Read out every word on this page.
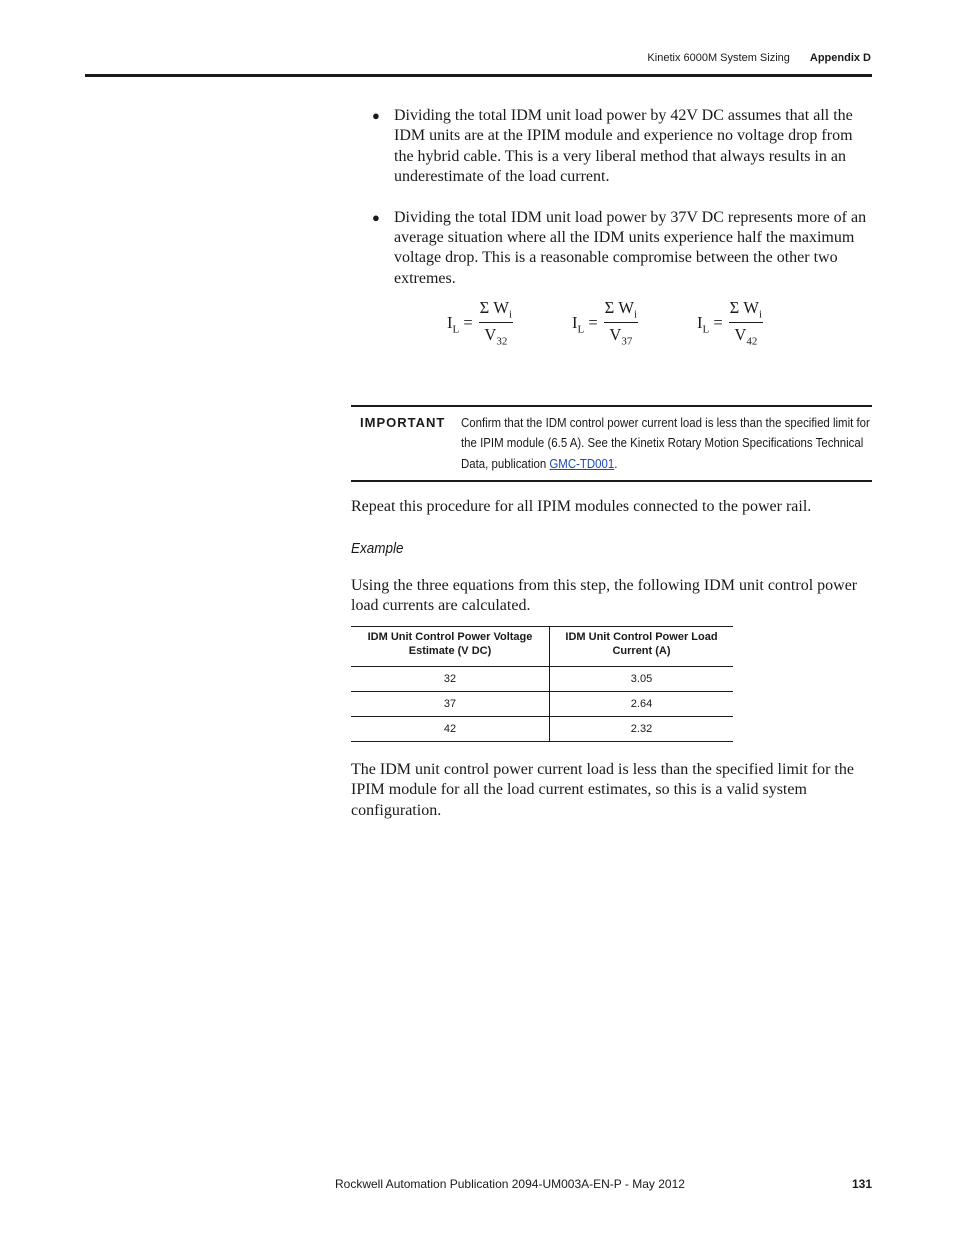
Kinetix 6000M System Sizing Appendix D
● Dividing the total IDM unit load power by 42V DC assumes that all the IDM units are at the IPIM module and experience no voltage drop from the hybrid cable. This is a very liberal method that always results in an underestimate of the load current.
● Dividing the total IDM unit load power by 37V DC represents more of an average situation where all the IDM units experience half the maximum voltage drop. This is a reasonable compromise between the other two extremes.
$I_L = \frac{\Sigma W_i}{V_{32}}$	$I_L = \frac{\Sigma W_i}{V_{37}}$	$I_L = \frac{\Sigma W_i}{V_{42}}$
IMPORTANT Confirm that the IDM control power current load is less than the specified limit for the IPIM module (6.5 A). See the Kinetix Rotary Motion Specifications Technical Data, publication GMC-TD001.

Repeat this procedure for all IPIM modules connected to the power rail.

Example

Using the three equations from this step, the following IDM unit control power load currents are calculated.

IDM Unit Control Power Voltage Estimate (V DC)	IDM Unit Control Power Load Current (A)
32	3.05
37	2.64
42	2.32

The IDM unit control power current load is less than the specified limit for the IPIM module for all the load current estimates, so this is a valid system configuration.

Rockwell Automation Publication 2094-UM003A-EN-P - May 2012	131
